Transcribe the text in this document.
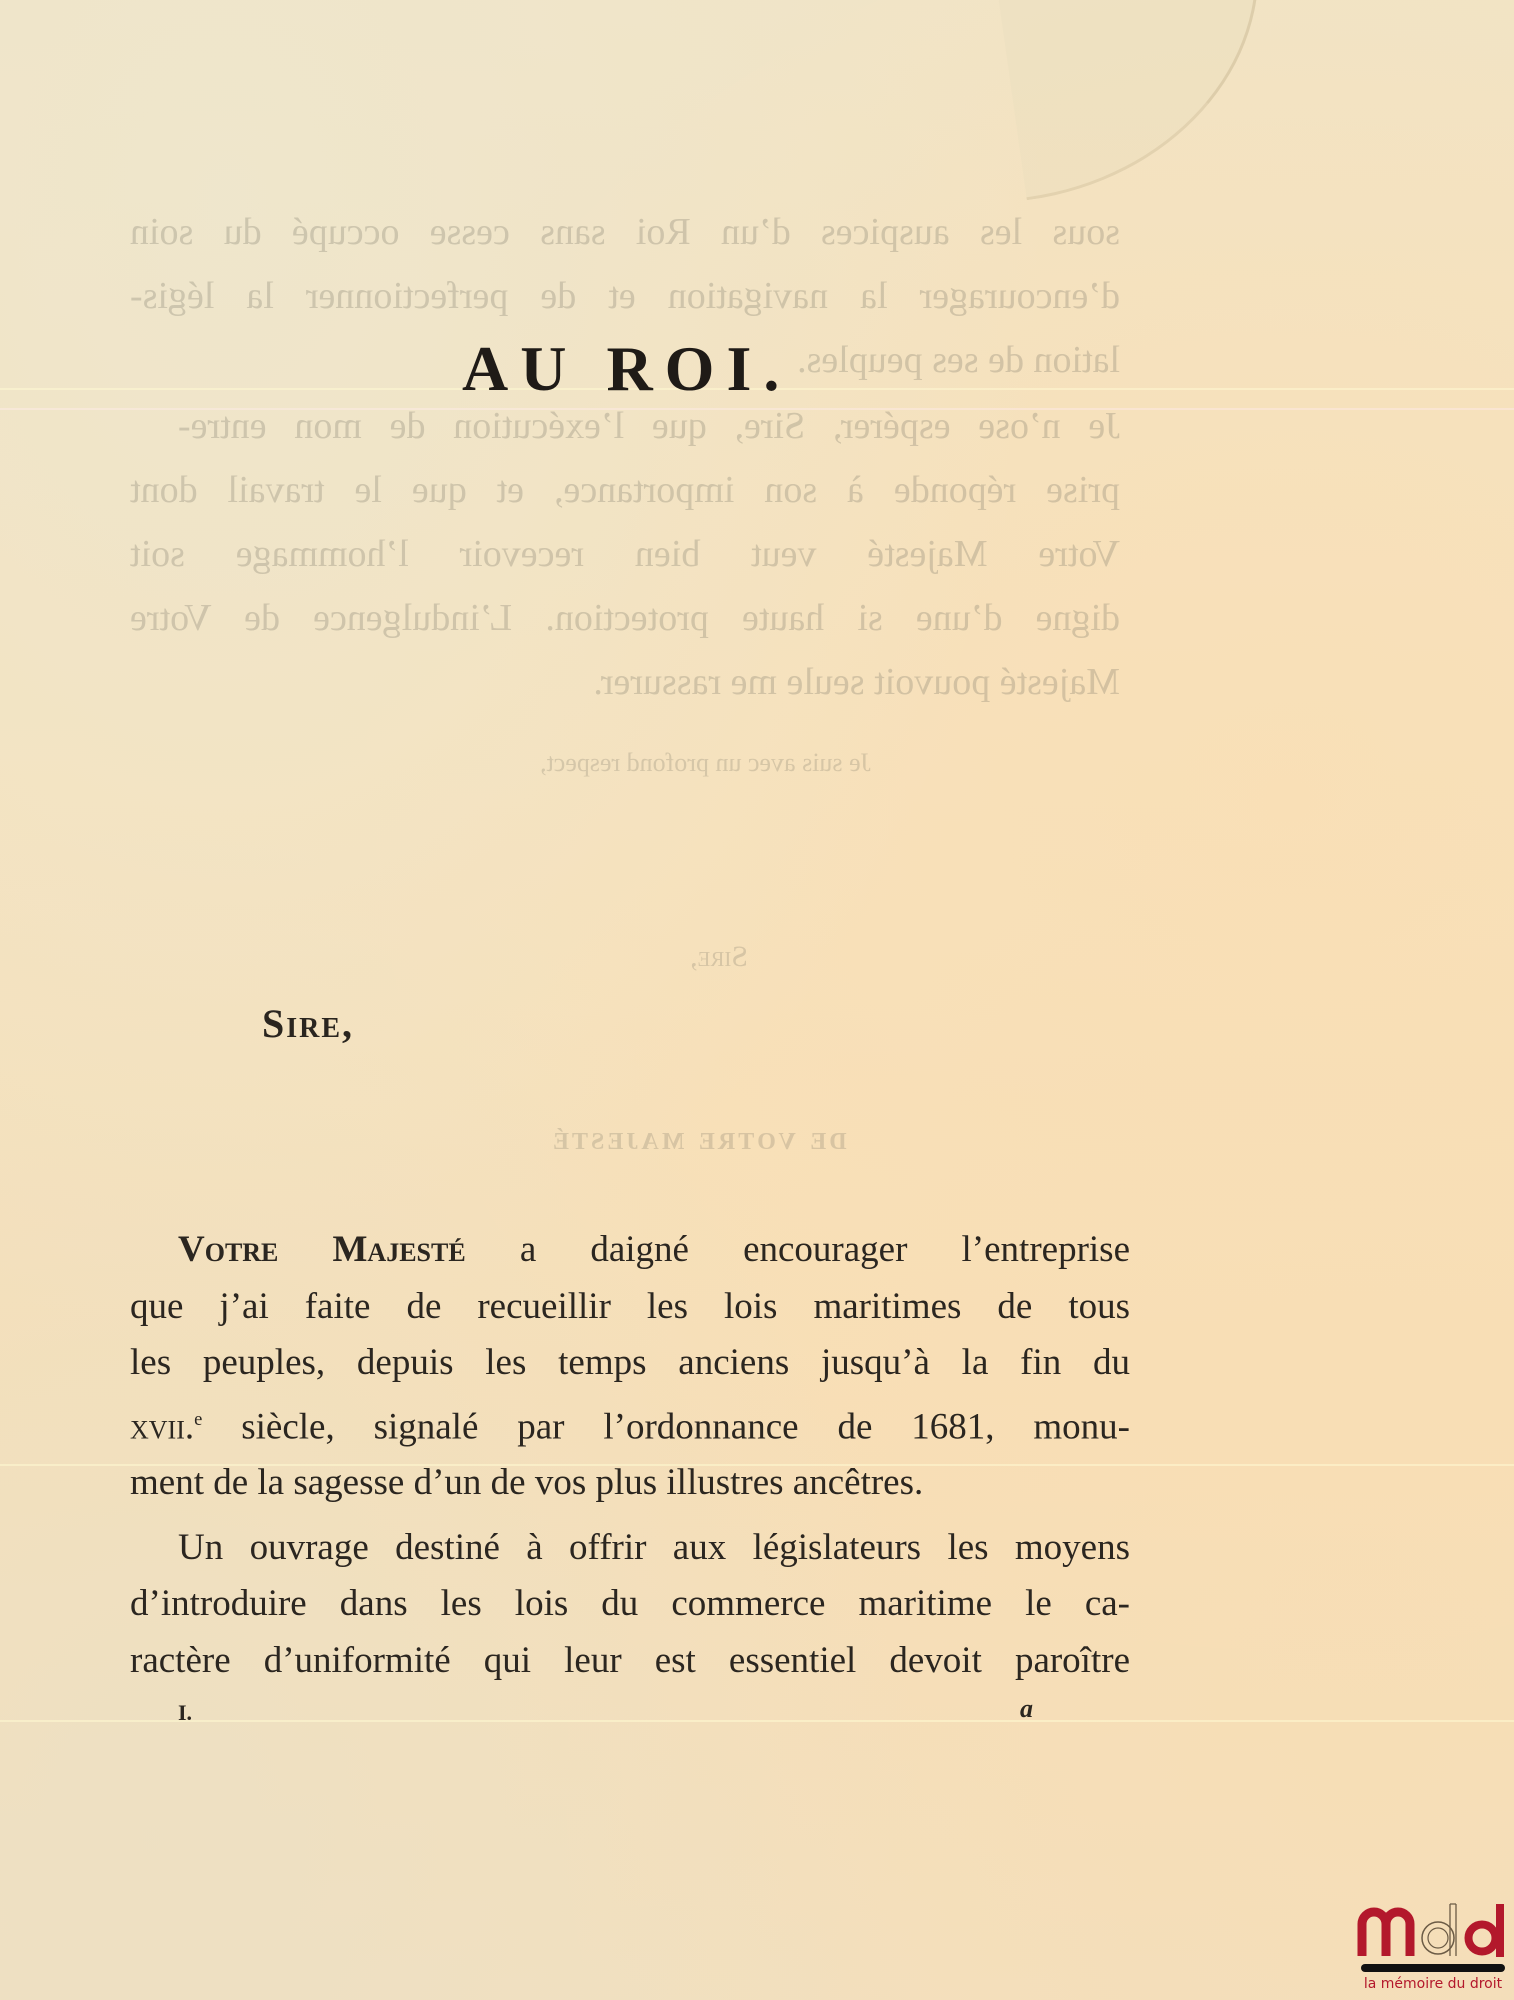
sous les auspices d’un Roi sans cesse occupé du soin
d’encourager la navigation et de perfectionner la légis-
lation de ses peuples.
Je n’ose espérer, Sire, que l’exécution de mon entre-
prise réponde à son importance, et que le travail dont
Votre Majesté veut bien recevoir l’hommage soit
digne d’une si haute protection. L’indulgence de Votre
Majesté pouvoit seule me rassurer.
Je suis avec un profond respect,
Sire,
de votre majesté
AU ROI.
Sire,
Votre Majesté a daigné encourager l’entreprise
que j’ai faite de recueillir les lois maritimes de tous
les peuples, depuis les temps anciens jusqu’à la fin du
xvii.$^e$ siècle, signalé par l’ordonnance de 1681, monu-
ment de la sagesse d’un de vos plus illustres ancêtres.
Un ouvrage destiné à offrir aux législateurs les moyens
d’introduire dans les lois du commerce maritime le ca-
ractère d’uniformité qui leur est essentiel devoit paroître
I.	a
la mémoire du droit
